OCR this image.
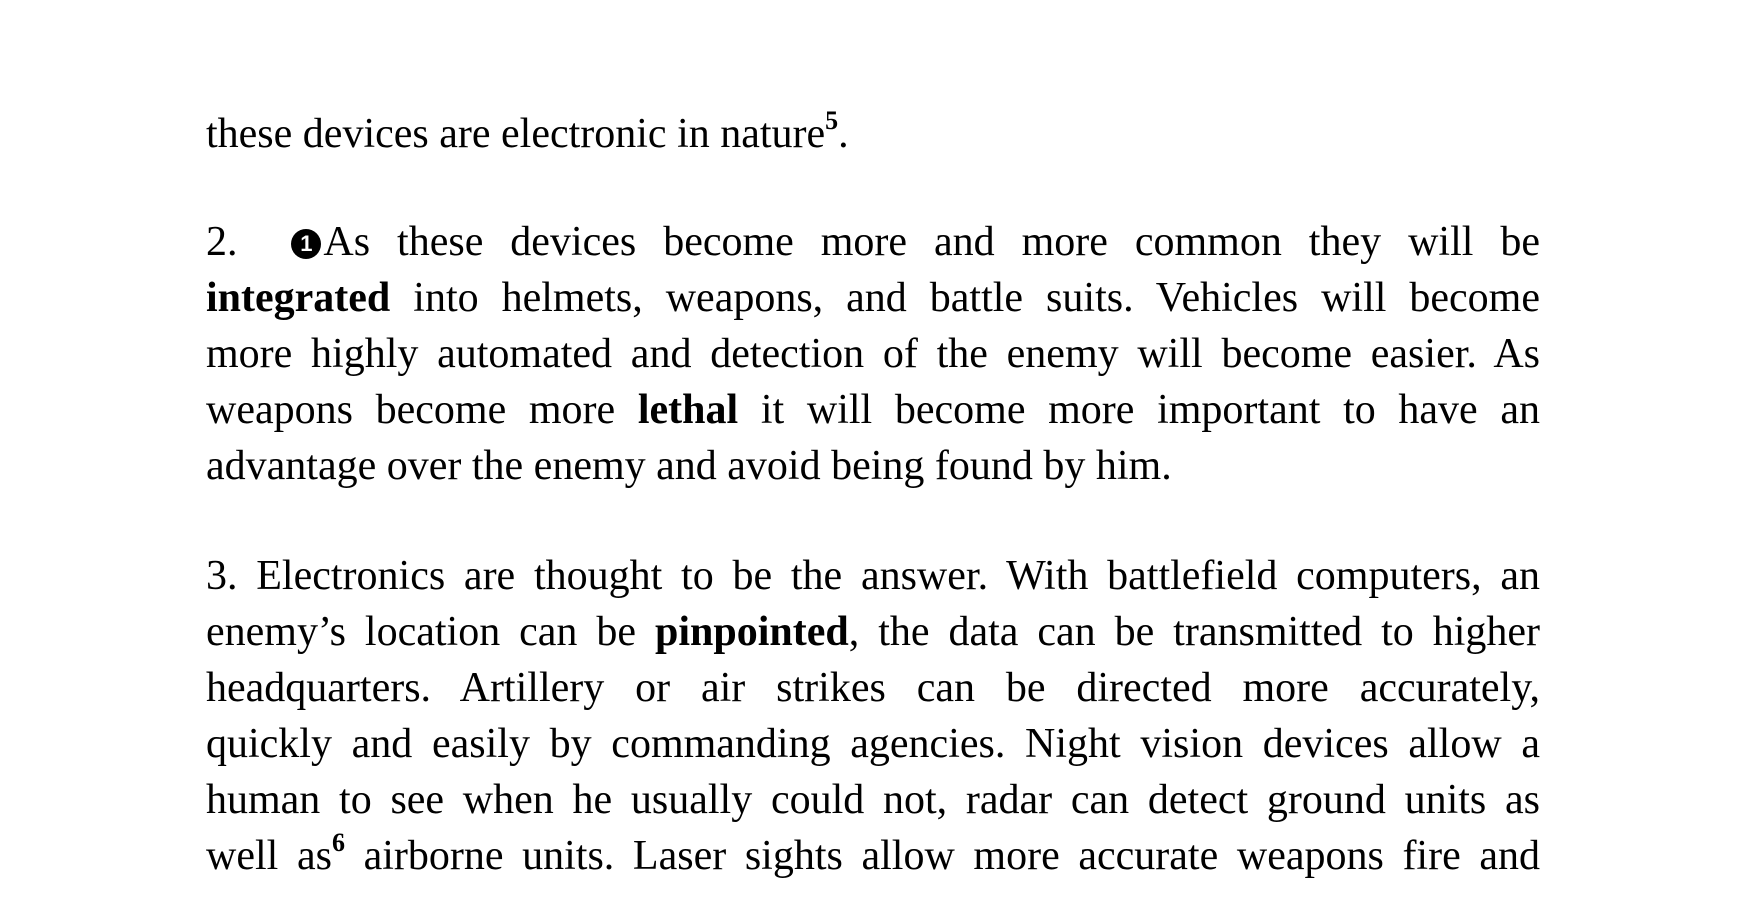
these devices are electronic in nature$^5$.
2.	1 As these devices become more and more common they will be
integrated into helmets, weapons, and battle suits. Vehicles will become
more highly automated and detection of the enemy will become easier. As
weapons become more lethal it will become more important to have an
advantage over the enemy and avoid being found by him.
3. Electronics are thought to be the answer. With battlefield computers, an
enemy’s location can be pinpointed, the data can be transmitted to higher
headquarters. Artillery or air strikes can be directed more accurately,
quickly and easily by commanding agencies. Night vision devices allow a
human to see when he usually could not, radar can detect ground units as
well $as^6$ airborne units. Laser sights allow more accurate weapons fire and
